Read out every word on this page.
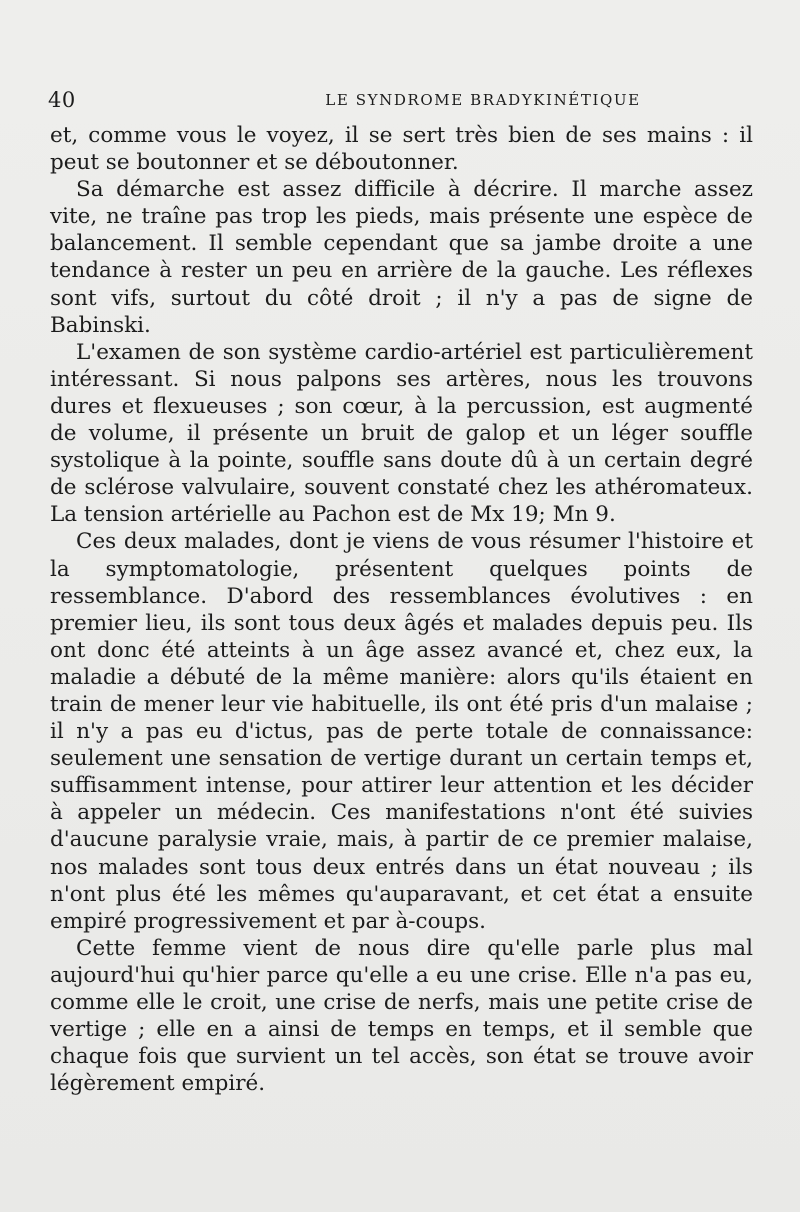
40	LE SYNDROME BRADYKINÉTIQUE

et, comme vous le voyez, il se sert très bien de ses mains : il peut se boutonner et se déboutonner.

Sa démarche est assez difficile à décrire. Il marche assez vite, ne traîne pas trop les pieds, mais présente une espèce de balancement. Il semble cependant que sa jambe droite a une tendance à rester un peu en arrière de la gauche. Les réflexes sont vifs, surtout du côté droit ; il n'y a pas de signe de Babinski.

L'examen de son système cardio-artériel est particulièrement intéressant. Si nous palpons ses artères, nous les trouvons dures et flexueuses ; son cœur, à la percussion, est augmenté de volume, il présente un bruit de galop et un léger souffle systolique à la pointe, souffle sans doute dû à un certain degré de sclérose valvulaire, souvent constaté chez les athéromateux. La tension artérielle au Pachon est de Mx 19; Mn 9.

Ces deux malades, dont je viens de vous résumer l'histoire et la symptomatologie, présentent quelques points de ressemblance. D'abord des ressemblances évolutives : en premier lieu, ils sont tous deux âgés et malades depuis peu. Ils ont donc été atteints à un âge assez avancé et, chez eux, la maladie a débuté de la même manière: alors qu'ils étaient en train de mener leur vie habituelle, ils ont été pris d'un malaise ; il n'y a pas eu d'ictus, pas de perte totale de connaissance: seulement une sensation de vertige durant un certain temps et, suffisamment intense, pour attirer leur attention et les décider à appeler un médecin. Ces manifestations n'ont été suivies d'aucune paralysie vraie, mais, à partir de ce premier malaise, nos malades sont tous deux entrés dans un état nouveau ; ils n'ont plus été les mêmes qu'auparavant, et cet état a ensuite empiré progressivement et par à-coups.

Cette femme vient de nous dire qu'elle parle plus mal aujourd'hui qu'hier parce qu'elle a eu une crise. Elle n'a pas eu, comme elle le croit, une crise de nerfs, mais une petite crise de vertige ; elle en a ainsi de temps en temps, et il semble que chaque fois que survient un tel accès, son état se trouve avoir légèrement empiré.
